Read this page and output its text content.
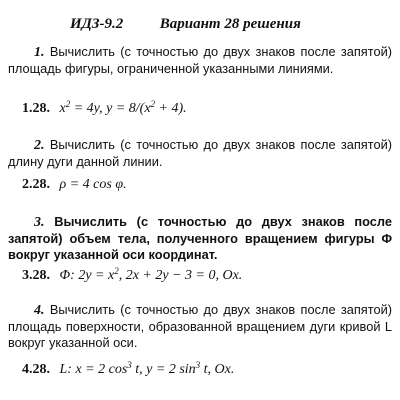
ИДЗ-9.2 Вариант 28 решения
1. Вычислить (с точностью до двух знаков после запятой) площадь фигуры, ограниченной указанными линиями.
1.28. $x^2 = 4y$, $y = 8/(x^2 + 4)$.
2. Вычислить (с точностью до двух знаков после запятой) длину дуги данной линии.
2.28. ρ = 4 cos φ.
3. Вычислить (с точностью до двух знаков после запятой) объем тела, полученного вращением фигуры Φ вокруг указанной оси координат.
3.28. Φ: $2y = x^2$, 2x + 2y − 3 = 0, Ox.
4. Вычислить (с точностью до двух знаков после запятой) площадь поверхности, образованной вращением дуги кривой L вокруг указанной оси.
4.28. L: x = 2 $\cos^3 t$, y = 2 $\sin^3 t$, Ox.
